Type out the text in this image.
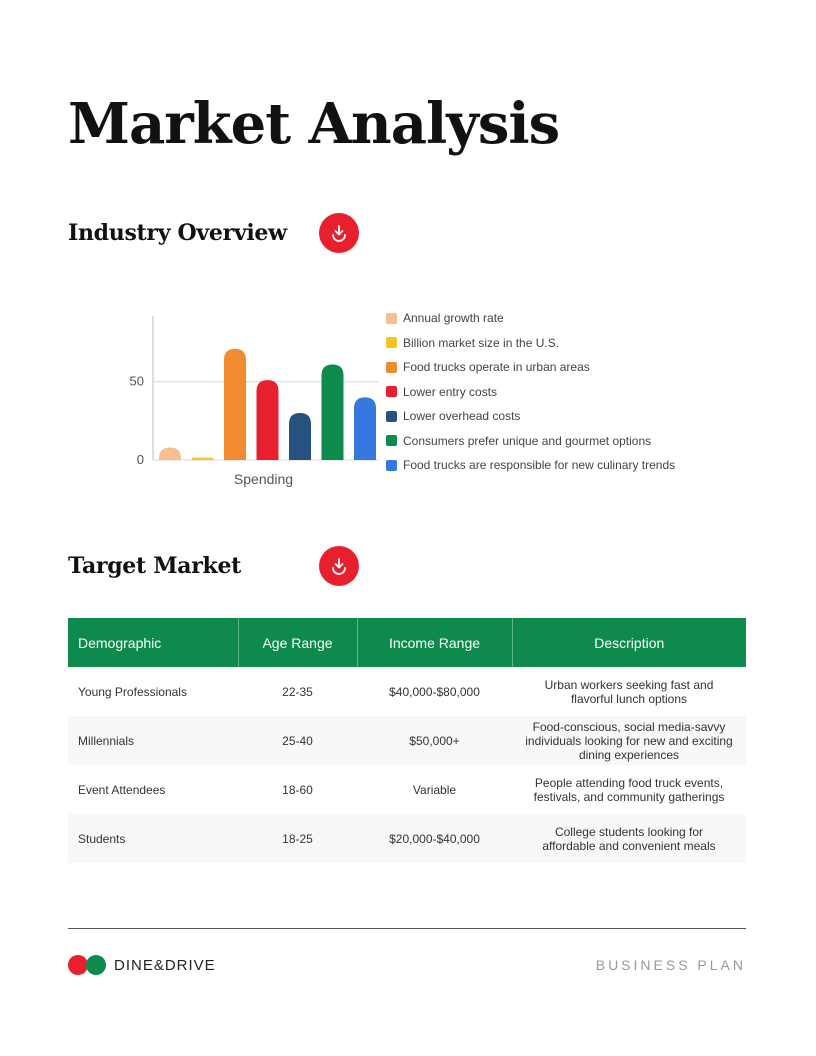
Market Analysis
Industry Overview
0
50
Spending
Annual growth rate
Billion market size in the U.S.
Food trucks operate in urban areas
Lower entry costs
Lower overhead costs
Consumers prefer unique and gourmet options
Food trucks are responsible for new culinary trends
Target Market
Demographic	Age Range	Income Range	Description
Young Professionals	22-35	$40,000-$80,000	Urban workers seeking fast and flavorful lunch options
Millennials	25-40	$50,000+	Food-conscious, social media-savvy individuals looking for new and exciting dining experiences
Event Attendees	18-60	Variable	People attending food truck events, festivals, and community gatherings
Students	18-25	$20,000-$40,000	College students looking for affordable and convenient meals
DINE&DRIVE	BUSINESS PLAN
